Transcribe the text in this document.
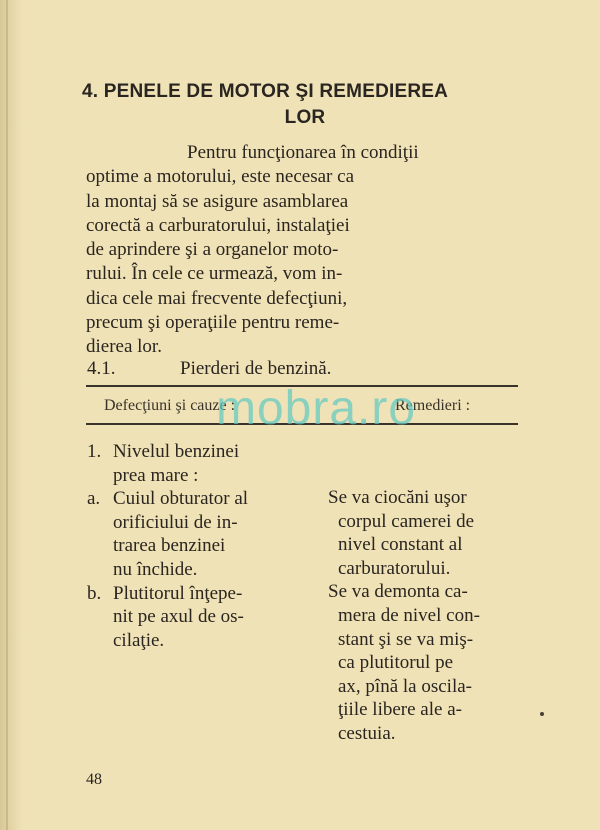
4. PENELE DE MOTOR ŞI REMEDIEREA
LOR
Pentru funcţionarea în condiţii
optime a motorului, este necesar ca
la montaj să se asigure asamblarea
corectă a carburatorului, instalaţiei
de aprindere şi a organelor moto-
rului. În cele ce urmează, vom in-
dica cele mai frecvente defecţiuni,
precum şi operaţiile pentru reme-
dierea lor.
4.1.	Pierderi de benzină.
Defecţiuni şi cauze :	Remedieri :
mobra.ro
1. Nivelul benzinei
prea mare :
a. Cuiul obturator al
orificiului de in-
trarea benzinei
nu închide.
b. Plutitorul înţepe-
nit pe axul de os-
cilaţie.
Se va ciocăni uşor
corpul camerei de
nivel constant al
carburatorului.
Se va demonta ca-
mera de nivel con-
stant şi se va miş-
ca plutitorul pe
ax, pînă la oscila-
ţiile libere ale a-
cestuia.
48
